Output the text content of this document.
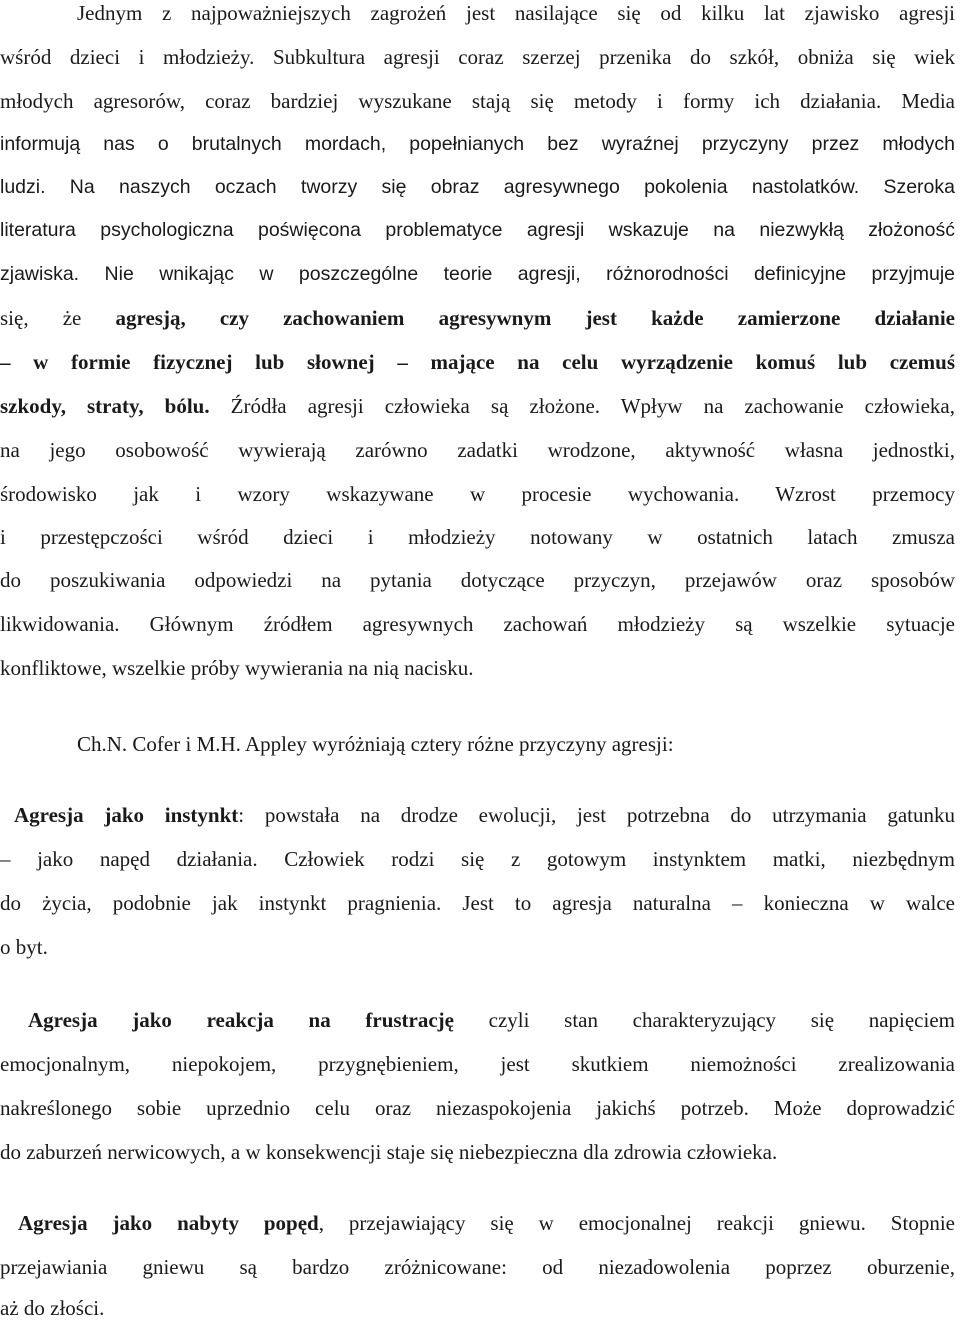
Jednym z najpoważniejszych zagrożeń jest nasilające się od kilku lat zjawisko agresji
wśród dzieci i młodzieży. Subkultura agresji coraz szerzej przenika do szkół, obniża się wiek
młodych agresorów, coraz bardziej wyszukane stają się metody i formy ich działania. Media
informują nas o brutalnych mordach, popełnianych bez wyraźnej przyczyny przez młodych
ludzi. Na naszych oczach tworzy się obraz agresywnego pokolenia nastolatków. Szeroka
literatura psychologiczna poświęcona problematyce agresji wskazuje na niezwykłą złożoność
zjawiska. Nie wnikając w poszczególne teorie agresji, różnorodności definicyjne przyjmuje
się, że agresją, czy zachowaniem agresywnym jest każde zamierzone działanie
– w formie fizycznej lub słownej – mające na celu wyrządzenie komuś lub czemuś
szkody, straty, bólu. Źródła agresji człowieka są złożone. Wpływ na zachowanie człowieka,
na jego osobowość wywierają zarówno zadatki wrodzone, aktywność własna jednostki,
środowisko jak i wzory wskazywane w procesie wychowania. Wzrost przemocy
i przestępczości wśród dzieci i młodzieży notowany w ostatnich latach zmusza
do poszukiwania odpowiedzi na pytania dotyczące przyczyn, przejawów oraz sposobów
likwidowania. Głównym źródłem agresywnych zachowań młodzieży są wszelkie sytuacje
konfliktowe, wszelkie próby wywierania na nią nacisku.
Ch.N. Cofer i M.H. Appley wyróżniają cztery różne przyczyny agresji:
Agresja jako instynkt: powstała na drodze ewolucji, jest potrzebna do utrzymania gatunku
– jako napęd działania. Człowiek rodzi się z gotowym instynktem matki, niezbędnym
do życia, podobnie jak instynkt pragnienia. Jest to agresja naturalna – konieczna w walce
o byt.
Agresja jako reakcja na frustrację czyli stan charakteryzujący się napięciem
emocjonalnym, niepokojem, przygnębieniem, jest skutkiem niemożności zrealizowania
nakreślonego sobie uprzednio celu oraz niezaspokojenia jakichś potrzeb. Może doprowadzić
do zaburzeń nerwicowych, a w konsekwencji staje się niebezpieczna dla zdrowia człowieka.
Agresja jako nabyty popęd, przejawiający się w emocjonalnej reakcji gniewu. Stopnie
przejawiania gniewu są bardzo zróżnicowane: od niezadowolenia poprzez oburzenie,
aż do złości.
